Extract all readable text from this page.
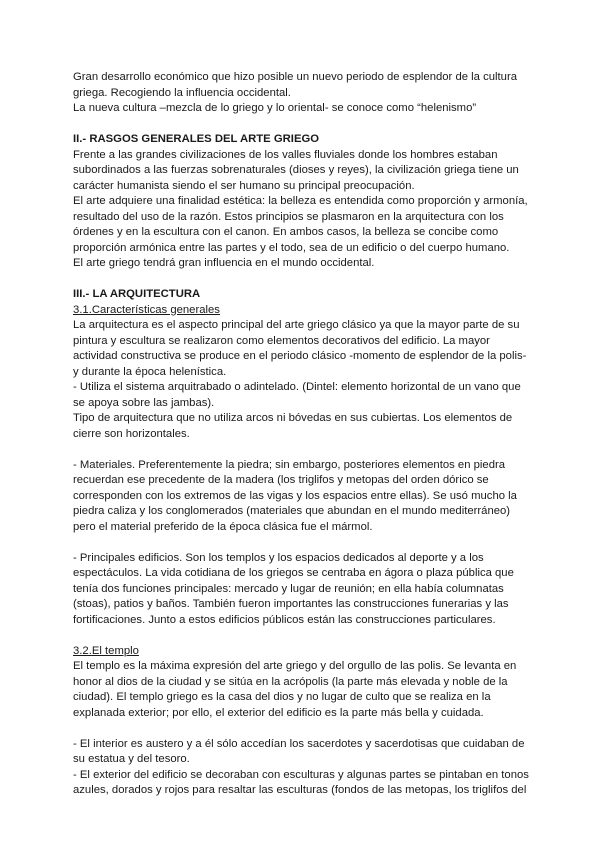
Gran desarrollo económico que hizo posible un nuevo periodo de esplendor de la cultura griega. Recogiendo la influencia occidental.

La nueva cultura –mezcla de lo griego y lo oriental- se conoce como “helenismo”

II.- RASGOS GENERALES DEL ARTE GRIEGO

Frente a las grandes civilizaciones de los valles fluviales donde los hombres estaban subordinados a las fuerzas sobrenaturales (dioses y reyes), la civilización griega tiene un carácter humanista siendo el ser humano su principal preocupación.

El arte adquiere una finalidad estética: la belleza es entendida como proporción y armonía, resultado del uso de la razón. Estos principios se plasmaron en la arquitectura con los órdenes y en la escultura con el canon. En ambos casos, la belleza se concibe como proporción armónica entre las partes y el todo, sea de un edificio o del cuerpo humano.

El arte griego tendrá gran influencia en el mundo occidental.

III.- LA ARQUITECTURA

3.1.Características generales

La arquitectura es el aspecto principal del arte griego clásico ya que la mayor parte de su pintura y escultura se realizaron como elementos decorativos del edificio. La mayor actividad constructiva se produce en el periodo clásico -momento de esplendor de la polis- y durante la época helenística.

- Utiliza el sistema arquitrabado o adintelado. (Dintel: elemento horizontal de un vano que se apoya sobre las jambas).

Tipo de arquitectura que no utiliza arcos ni bóvedas en sus cubiertas. Los elementos de cierre son horizontales.

- Materiales. Preferentemente la piedra; sin embargo, posteriores elementos en piedra recuerdan ese precedente de la madera (los triglifos y metopas del orden dórico se corresponden con los extremos de las vigas y los espacios entre ellas). Se usó mucho la piedra caliza y los conglomerados (materiales que abundan en el mundo mediterráneo) pero el material preferido de la época clásica fue el mármol.

- Principales edificios. Son los templos y los espacios dedicados al deporte y a los espectáculos. La vida cotidiana de los griegos se centraba en ágora o plaza pública que tenía dos funciones principales: mercado y lugar de reunión; en ella había columnatas (stoas), patios y baños. También fueron importantes las construcciones funerarias y las fortificaciones. Junto a estos edificios públicos están las construcciones particulares.

3.2.El templo

El templo es la máxima expresión del arte griego y del orgullo de las polis. Se levanta en honor al dios de la ciudad y se sitúa en la acrópolis (la parte más elevada y noble de la ciudad). El templo griego es la casa del dios y no lugar de culto que se realiza en la explanada exterior; por ello, el exterior del edificio es la parte más bella y cuidada.

- El interior es austero y a él sólo accedían los sacerdotes y sacerdotisas que cuidaban de su estatua y del tesoro.

- El exterior del edificio se decoraban con esculturas y algunas partes se pintaban en tonos azules, dorados y rojos para resaltar las esculturas (fondos de las metopas, los triglifos del
